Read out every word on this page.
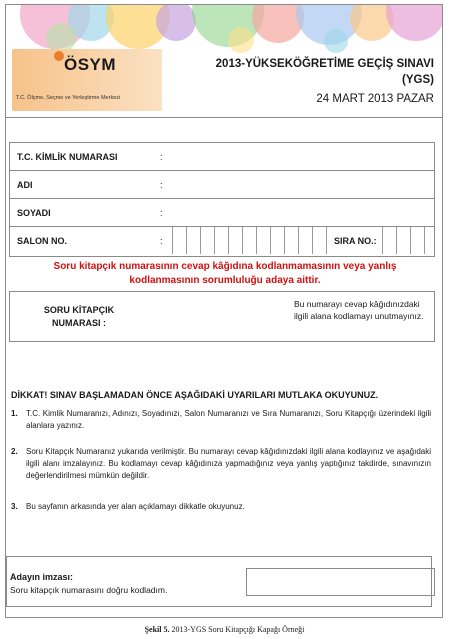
ÖSYM
T.C. Ölçme, Seçme ve Yerleştirme Merkezi
2013-YÜKSEKÖĞRETİME GEÇİŞ SINAVI
(YGS)
24 MART 2013 PAZAR
T.C. KİMLİK NUMARASI	:
ADI	:
SOYADI	:
SALON NO.	:	SIRA NO.:
Soru kitapçık numarasının cevap kâğıdına kodlanmamasının veya yanlış
kodlanmasının sorumluluğu adaya aittir.
SORU KİTAPÇIK
NUMARASI :
Bu numarayı cevap kâğıdınızdaki ilgili alana kodlamayı unutmayınız.
DİKKAT! SINAV BAŞLAMADAN ÖNCE AŞAĞIDAKİ UYARILARI MUTLAKA OKUYUNUZ.
1. T.C. Kimlik Numaranızı, Adınızı, Soyadınızı, Salon Numaranızı ve Sıra Numaranızı, Soru Kitapçığı üzerindeki ilgili alanlara yazınız.
2. Soru Kitapçık Numaranız yukarıda verilmiştir. Bu numarayı cevap kâğıdınızdaki ilgili alana kodlayınız ve aşağıdaki ilgili alanı imzalayınız. Bu kodlamayı cevap kâğıdınıza yapmadığınız veya yanlış yaptığınız takdirde, sınavınızın değerlendirilmesi mümkün değildir.
3. Bu sayfanın arkasında yer alan açıklamayı dikkatle okuyunuz.
Adayın imzası:
Soru kitapçık numarasını doğru kodladım.
Şekil 5. 2013-YGS Soru Kitapçığı Kapağı Örneği
